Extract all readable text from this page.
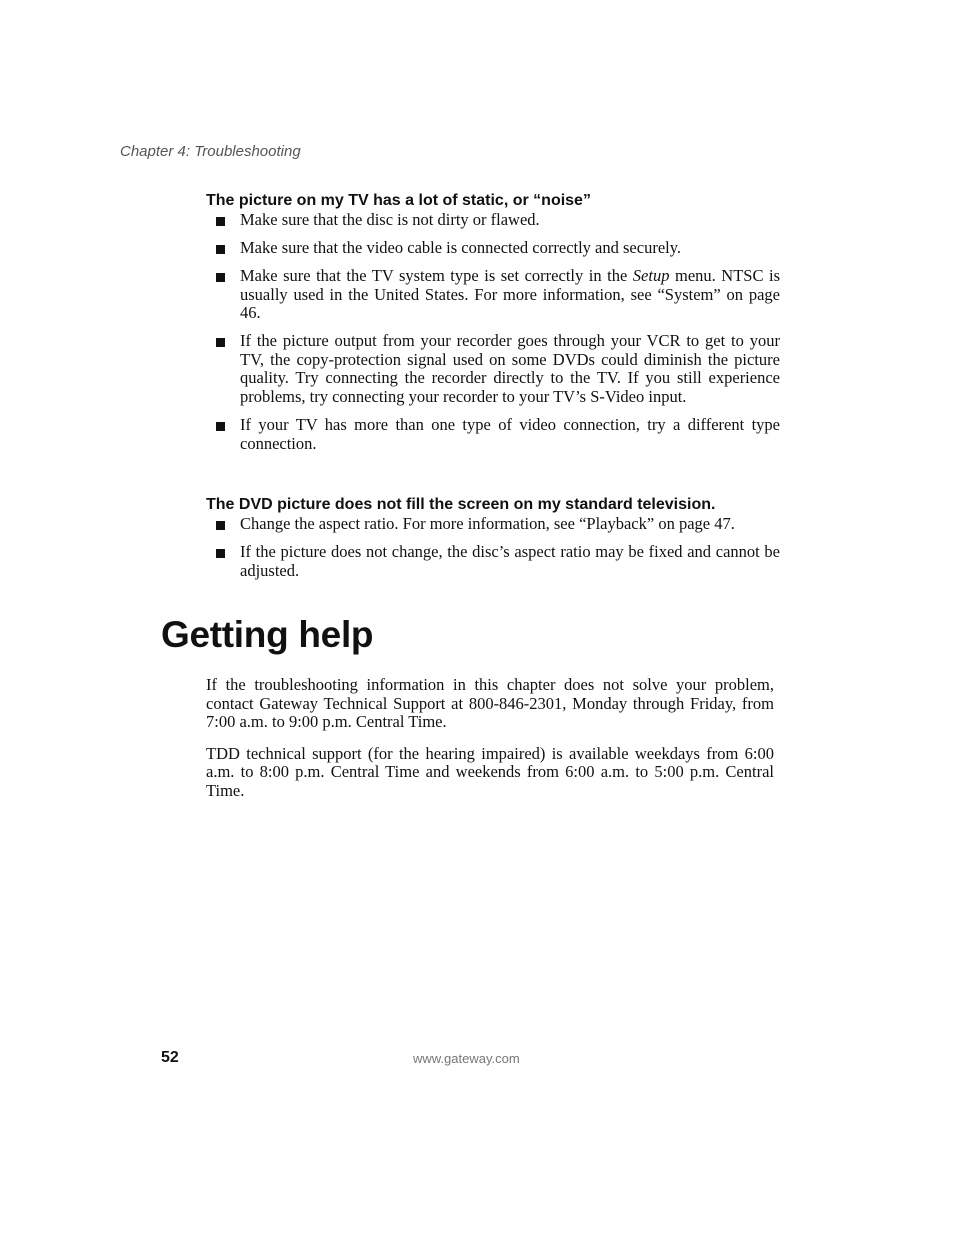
Chapter 4: Troubleshooting
The picture on my TV has a lot of static, or “noise”
Make sure that the disc is not dirty or flawed.
Make sure that the video cable is connected correctly and securely.
Make sure that the TV system type is set correctly in the Setup menu. NTSC is usually used in the United States. For more information, see “System” on page 46.
If the picture output from your recorder goes through your VCR to get to your TV, the copy-protection signal used on some DVDs could diminish the picture quality. Try connecting the recorder directly to the TV. If you still experience problems, try connecting your recorder to your TV’s S-Video input.
If your TV has more than one type of video connection, try a different type connection.
The DVD picture does not fill the screen on my standard television.
Change the aspect ratio. For more information, see “Playback” on page 47.
If the picture does not change, the disc’s aspect ratio may be fixed and cannot be adjusted.
Getting help

If the troubleshooting information in this chapter does not solve your problem, contact Gateway Technical Support at 800-846-2301, Monday through Friday, from 7:00 a.m. to 9:00 p.m. Central Time.

TDD technical support (for the hearing impaired) is available weekdays from 6:00 a.m. to 8:00 p.m. Central Time and weekends from 6:00 a.m. to 5:00 p.m. Central Time.

52	www.gateway.com
